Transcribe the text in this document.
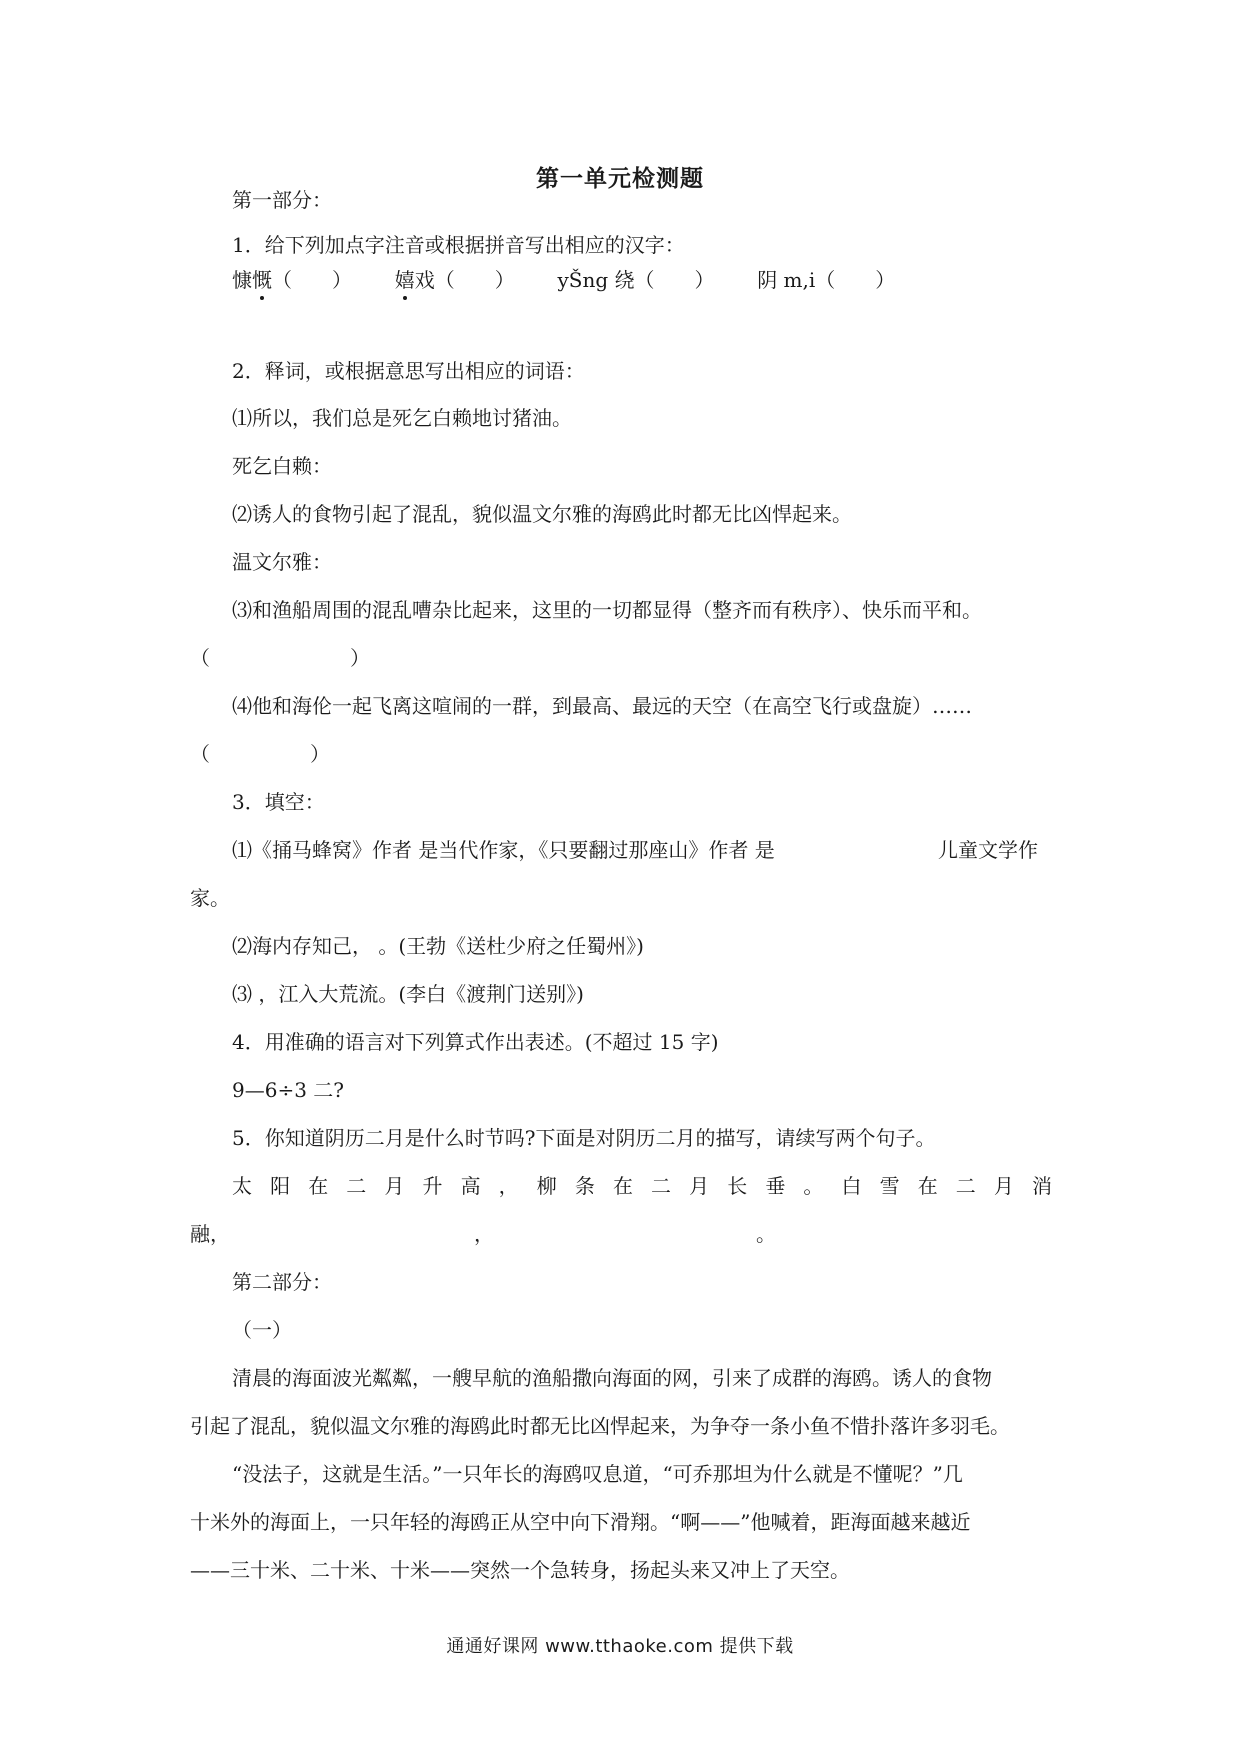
第一单元检测题
第一部分：
1．给下列加点字注音或根据拼音写出相应的汉字：
慷慨（　　） 嬉戏（　　） yŠng 绕（　　） 阴 m,i（　　）
2．释词，或根据意思写出相应的词语：
⑴所以，我们总是死乞白赖地讨猪油。
死乞白赖：
⑵诱人的食物引起了混乱，貌似温文尔雅的海鸥此时都无比凶悍起来。
温文尔雅：
⑶和渔船周围的混乱嘈杂比起来，这里的一切都显得（整齐而有秩序）、快乐而平和。
（　　　　　　　）
⑷他和海伦一起飞离这喧闹的一群，到最高、最远的天空（在高空飞行或盘旋）……
（　　　　　）
3．填空：
⑴《捅马蜂窝》作者 是当代作家，《只要翻过那座山》作者 是	儿童文学作
家。
⑵海内存知己， 。(王勃《送杜少府之任蜀州》)
⑶ ，江入大荒流。(李白《渡荆门送别》)
4．用准确的语言对下列算式作出表述。(不超过 15 字)
9—6÷3 二?
5．你知道阴历二月是什么时节吗?下面是对阴历二月的描写，请续写两个句子。
太 阳 在 二 月 升 高 ， 柳 条 在 二 月 长 垂 。 白 雪 在 二 月 消
融，	，	。
第二部分：
（一）
清晨的海面波光粼粼，一艘早航的渔船撒向海面的网，引来了成群的海鸥。诱人的食物
引起了混乱，貌似温文尔雅的海鸥此时都无比凶悍起来，为争夺一条小鱼不惜扑落许多羽毛。
“没法子，这就是生活。”一只年长的海鸥叹息道，“可乔那坦为什么就是不懂呢？”几
十米外的海面上，一只年轻的海鸥正从空中向下滑翔。“啊——”他喊着，距海面越来越近
——三十米、二十米、十米——突然一个急转身，扬起头来又冲上了天空。
通通好课网 www.tthaoke.com 提供下载
